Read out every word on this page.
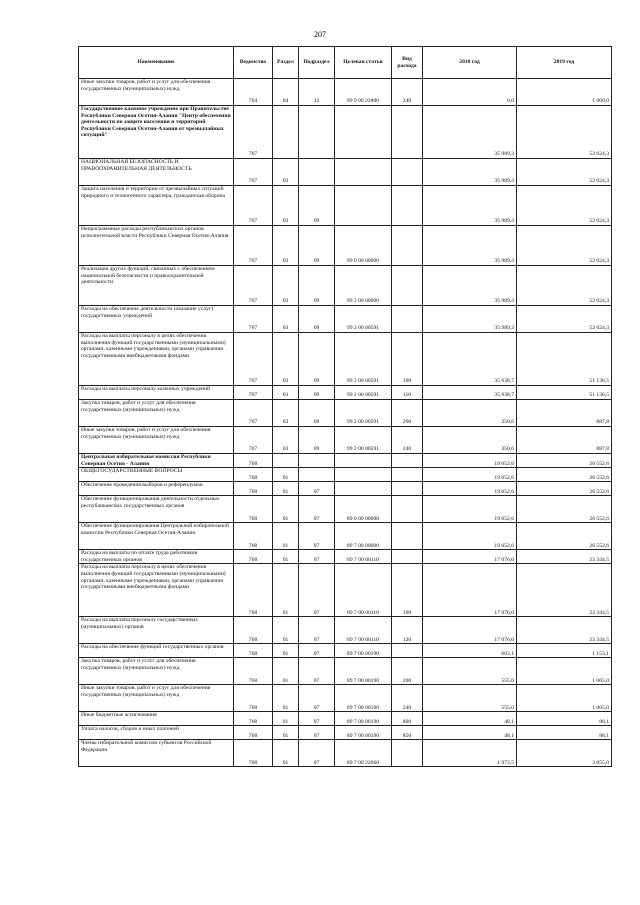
207
Наименование	Ведомство	Раздел	Подраздел	Целевая статья	Вид расхода	2018 год	2019 год
Иные закупки товаров, работ и услуг для обеспечения государственных (муниципальных) нужд	764	04	12	99 9 00 22800	240	0,0	1 000,0
Государственное казенное учреждение при Правительстве Республики Северная Осетия-Алания "Центр обеспечения деятельности по защите населения и территорий Республики Северная Осетия-Алания от чрезвычайных ситуаций"	767					35 989,3	52 024,3
НАЦИОНАЛЬНАЯ БЕЗОПАСНОСТЬ И ПРАВООХРАНИТЕЛЬНАЯ ДЕЯТЕЛЬНОСТЬ	767	03				35 989,3	52 024,3
Защита населения и территории от чрезвычайных ситуаций природного и техногенного характера, гражданская оборона	767	03	09			35 989,3	52 024,3
Непрограммные расходы республиканских органов исполнительной власти Республики Северная Осетия-Алания	767	03	09	99 0 00 00000		35 989,3	52 024,3
Реализация других функций, связанных с обеспечением национальной безопасности и правоохранительной деятельности	767	03	09	99 2 00 00000		35 989,3	52 024,3
Расходы на обеспечение деятельности (оказание услуг) государственных учреждений	767	03	09	99 2 00 00591		35 989,3	52 024,3
Расходы на выплаты персоналу в целях обеспечения выполнения функций государственными (муниципальными) органами, казенными учреждениями, органами управления государственными внебюджетными фондами	767	03	09	99 2 00 00591	100	35 638,7	51 136,5
Расходы на выплаты персоналу казенных учреждений	767	03	09	99 2 00 00591	110	35 638,7	51 136,5
Закупка товаров, работ и услуг для обеспечения государственных (муниципальных) нужд	767	03	09	99 2 00 00591	200	350,6	887,8
Иные закупки товаров, работ и услуг для обеспечения государственных (муниципальных) нужд	767	03	09	99 2 00 00591	240	350,6	887,8
Центральная избирательная комиссия Республики Северная Осетия - Алания	768					19 652,6	26 552,6
ОБЩЕГОСУДАРСТВЕННЫЕ ВОПРОСЫ	768	01				19 652,6	26 552,6
Обеспечение проведения выборов и референдумов	768	01	07			19 652,6	26 552,6
Обеспечение функционирования деятельности отдельных республиканских государственных органов	768	01	07	89 0 00 00000		19 652,6	26 552,6
Обеспечение функционирования Центральной избирательной комиссии Республики Северная Осетия-Алания	768	01	07	89 7 00 00000		19 652,6	26 552,6
Расходы на выплаты по оплате труда работников государственных органов	768	01	07	89 7 00 00110		17 076,0	22 344,5
Расходы на выплаты персоналу в целях обеспечения выполнения функций государственными (муниципальными) органами, казенными учреждениями, органами управления государственными внебюджетными фондами	768	01	07	89 7 00 00110	100	17 076,0	22 344,5
Расходы на выплаты персоналу государственных (муниципальных) органов	768	01	07	89 7 00 00110	120	17 076,0	22 344,5
Расходы на обеспечение функций государственных органов	768	01	07	89 7 00 00190		603,1	1 153,1
Закупка товаров, работ и услуг для обеспечения государственных (муниципальных) нужд	768	01	07	89 7 00 00190	200	555,0	1 065,0
Иные закупки товаров, работ и услуг для обеспечения государственных (муниципальных) нужд	768	01	07	89 7 00 00190	240	555,0	1 065,0
Иные бюджетные ассигнования	768	01	07	89 7 00 00190	800	48,1	88,1
Уплата налогов, сборов и иных платежей	768	01	07	89 7 00 00190	850	48,1	88,1
Члены избирательной комиссии субъектов Российской Федерации	768	01	07	89 7 00 22660		1 973,5	3 055,0
